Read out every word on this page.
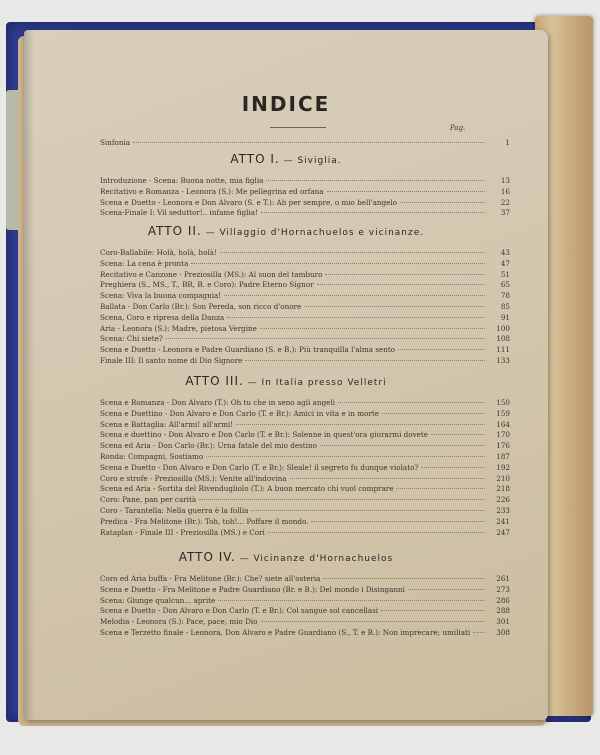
INDICE
Pag.
Sinfonia	1
ATTO I. — Siviglia.
Introduzione - Scena: Buona notte, mia figlia	13
Recitativo e Romanza - Leonora (S.): Me pellegrina ed orfana	16
Scena e Duetto - Leonora e Don Alvaro (S. e T.): Ah per sempre, o mio bell'angelo	22
Scena-Finale I: Vil seduttor!.. infame figlia!	37
ATTO II. — Villaggio d'Hornachuelos e vicinanze.
Coro-Ballabile: Holà, holà, holà!	43
Scena: La cena è pronta	47
Recitativo e Canzone - Preziosilla (MS.): Al suon del tamburo	51
Preghiera (S., MS., T., BR, B. e Coro): Padre Eterno Signor	65
Scena: Viva la buona compagnia!	78
Ballata - Don Carlo (Br.): Son Pereda, son ricco d'onore	85
Scena, Coro e ripresa della Danza	91
Aria - Leonora (S.): Madre, pietosa Vergine	100
Scena: Chi siete?	108
Scena e Duetto - Leonora e Padre Guardiano (S. e B.): Più tranquilla l'alma sento	111
Finale III: Il santo nome di Dio Signore	133
ATTO III. — In Italia presso Velletri
Scena e Romanza - Don Alvaro (T.): Oh tu che in seno agli angeli	150
Scena e Duettino - Don Alvaro e Don Carlo (T. e Br.): Amici in vita e in morte	159
Scena e Battaglia: All'armi! all'armi!	164
Scena e duettino - Don Alvaro e Don Carlo (T. e Br.): Solenne in quest'ora giurarmi dovete	170
Scena ed Aria - Don Carlo (Br.): Urna fatale del mio destino	176
Ronda: Compagni, Sostiamo	187
Scena e Duetto - Don Alvaro e Don Carlo (T. e Br.): Sleale! il segreto fu dunque violato?	192
Coro e strofe - Preziosilla (MS.): Venite all'indovina	210
Scena ed Aria - Sortita del Rivendugliolo (T.): A buon mercato chi vuol comprare	218
Coro: Pane, pan per carità	226
Coro - Tarantella: Nella guerra è la follia	233
Predica - Fra Melitone (Br.): Toh, toh!... Poffare il mondo.	241
Rataplan - Finale III - Preziosilla (MS.) e Cori	247
ATTO IV. — Vicinanze d'Hornachuelos
Coro ed Aria buffa - Fra Melitone (Br.): Che? siete all'osteria	261
Scena e Duetto - Fra Melitone e Padre Guardiano (Br. e B.): Del mondo i Disinganni	273
Scena: Giunge qualcun... aprite	286
Scena e Duetto - Don Alvaro e Don Carlo (T. e Br.): Col sangue sol cancellasi	288
Melodia - Leonora (S.): Pace, pace, mio Dio	301
Scena e Terzetto finale - Leonora, Don Alvaro e Padre Guardiano (S., T. e B.): Non imprecare; umiliati	308
